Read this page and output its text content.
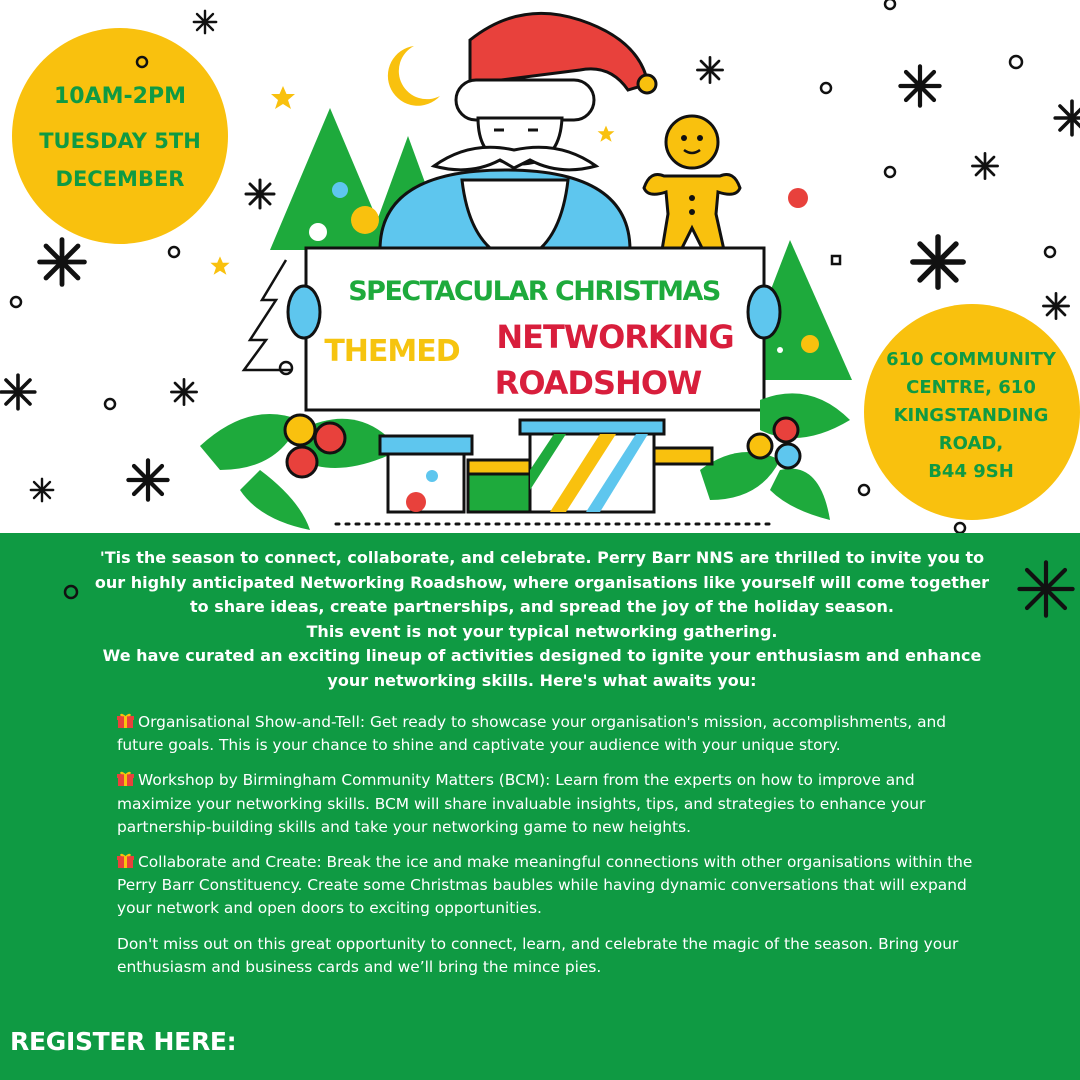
10AM-2PM
TUESDAY 5TH
DECEMBER
610 COMMUNITY
CENTRE, 610
KINGSTANDING
ROAD,
B44 9SH
SPECTACULAR CHRISTMAS
THEMED	NETWORKING
ROADSHOW

'Tis the season to connect, collaborate, and celebrate. Perry Barr NNS are thrilled to invite you to our highly anticipated Networking Roadshow, where organisations like yourself will come together to share ideas, create partnerships, and spread the joy of the holiday season.

This event is not your typical networking gathering.

We have curated an exciting lineup of activities designed to ignite your enthusiasm and enhance your networking skills. Here's what awaits you:

Organisational Show-and-Tell: Get ready to showcase your organisation's mission, accomplishments, and future goals. This is your chance to shine and captivate your audience with your unique story.

Workshop by Birmingham Community Matters (BCM): Learn from the experts on how to improve and maximize your networking skills. BCM will share invaluable insights, tips, and strategies to enhance your partnership-building skills and take your networking game to new heights.

Collaborate and Create: Break the ice and make meaningful connections with other organisations within the Perry Barr Constituency. Create some Christmas baubles while having dynamic conversations that will expand your network and open doors to exciting opportunities.

Don't miss out on this great opportunity to connect, learn, and celebrate the magic of the season. Bring your enthusiasm and business cards and we’ll bring the mince pies.

REGISTER HERE:
